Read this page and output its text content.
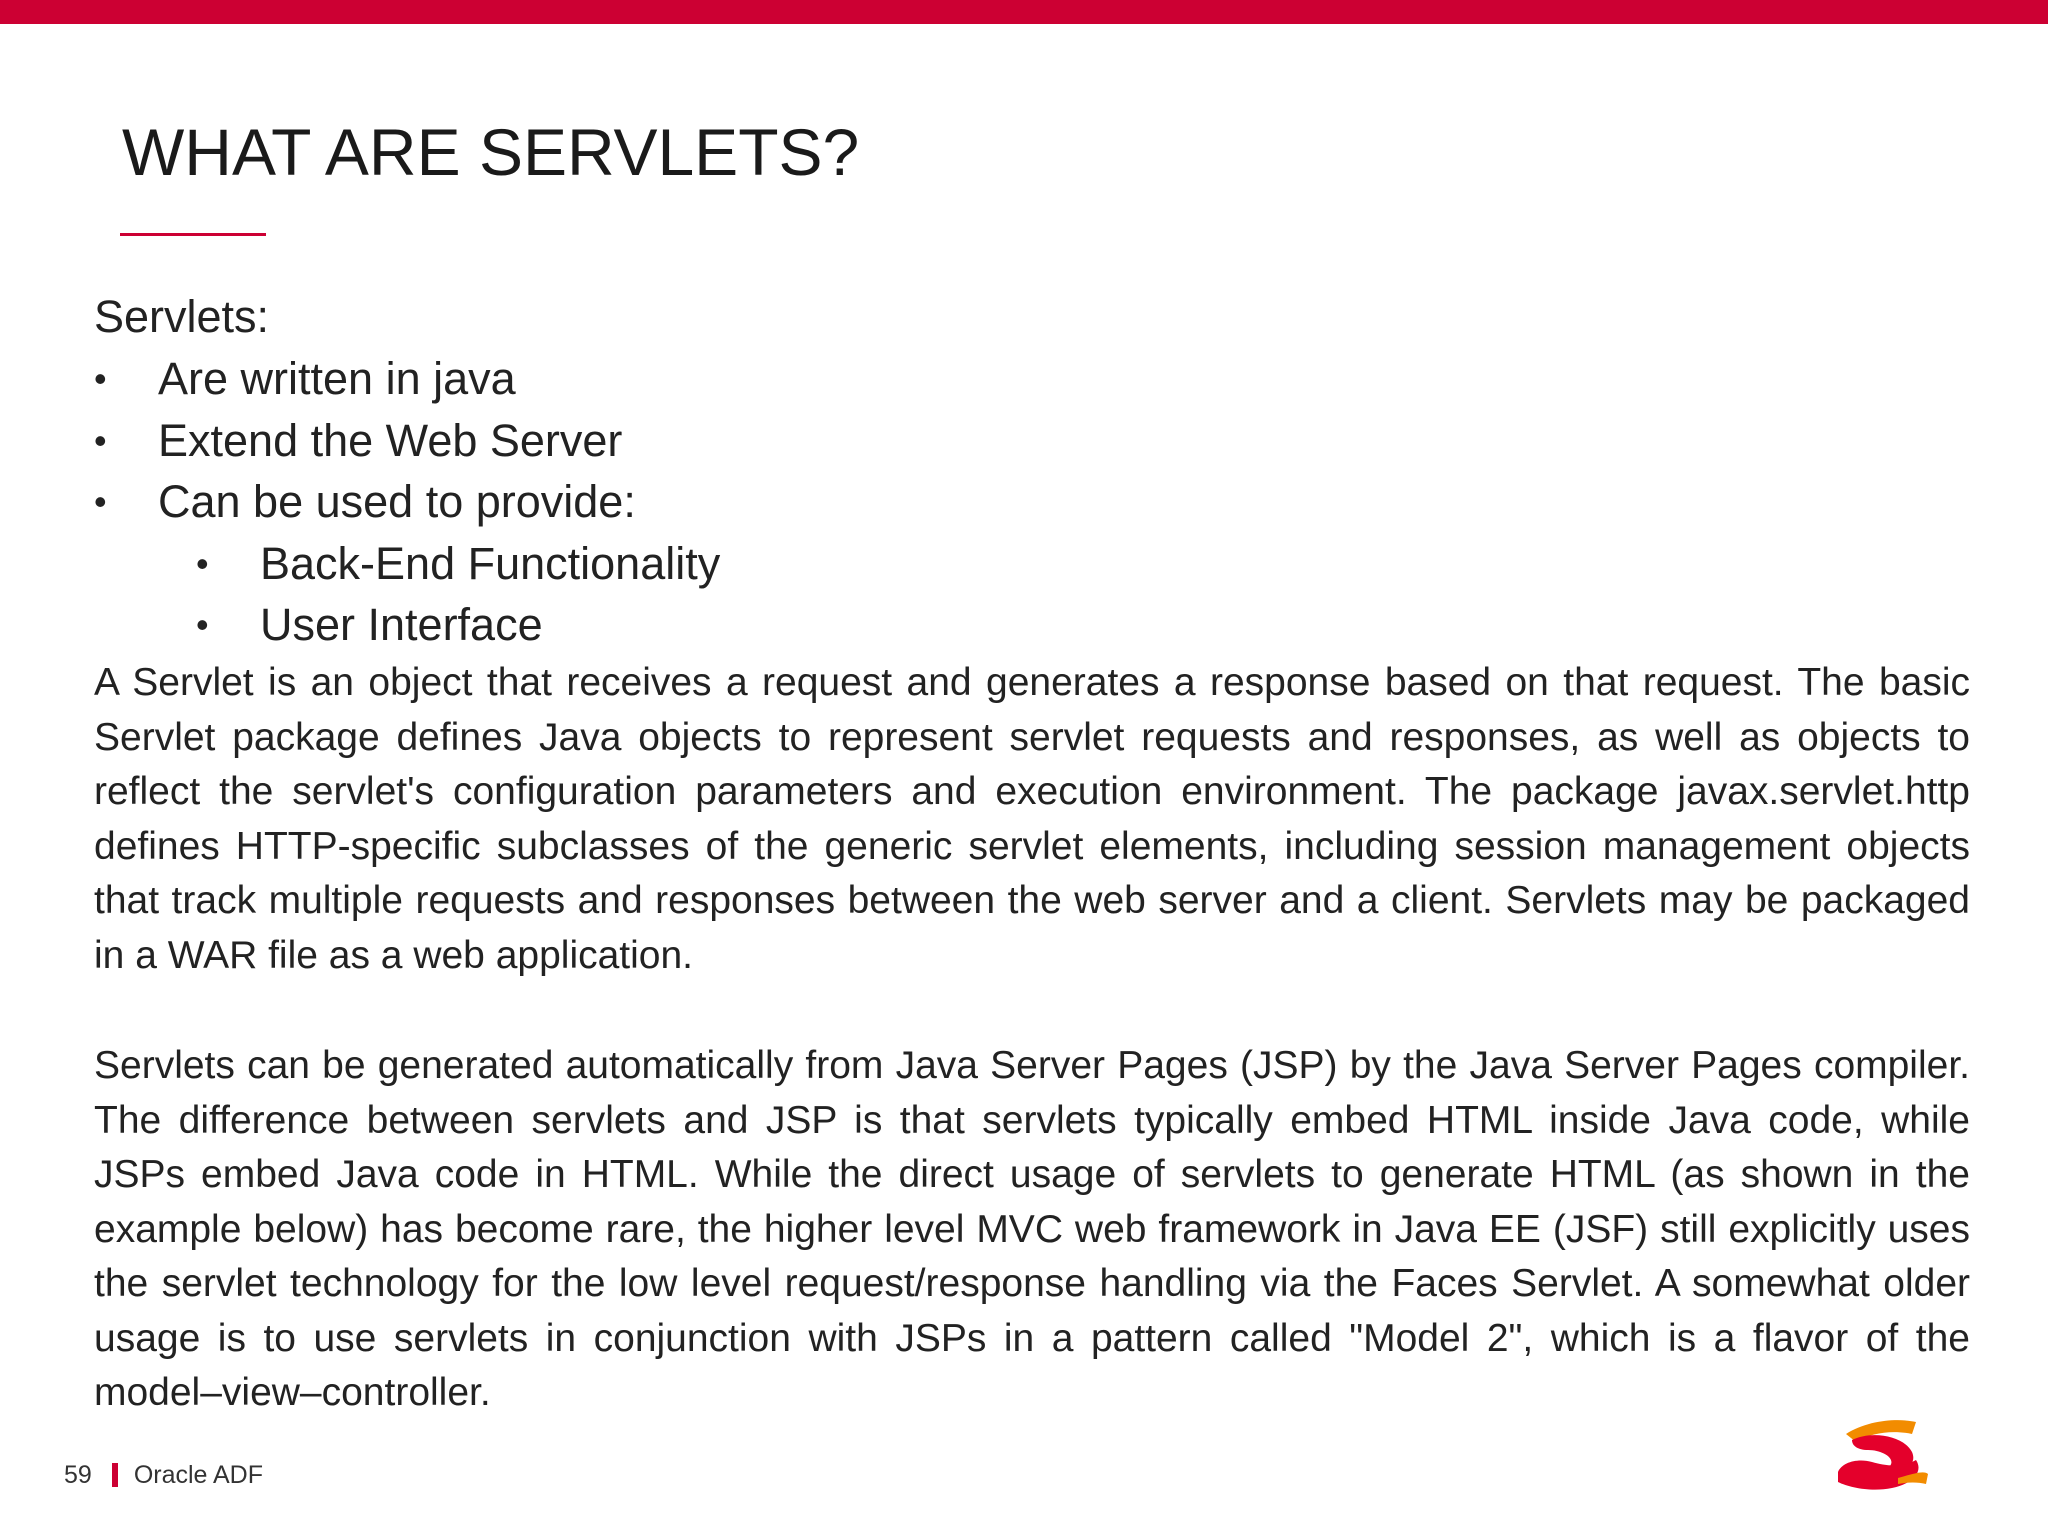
WHAT ARE SERVLETS?

Servlets:

• Are written in java
• Extend the Web Server
• Can be used to provide:
• Back-End Functionality
• User Interface

A Servlet is an object that receives a request and generates a response based on that request. The basic Servlet package defines Java objects to represent servlet requests and responses, as well as objects to reflect the servlet's configuration parameters and execution environment. The package javax.servlet.http defines HTTP-specific subclasses of the generic servlet elements, including session management objects that track multiple requests and responses between the web server and a client. Servlets may be packaged in a WAR file as a web application.

Servlets can be generated automatically from Java Server Pages (JSP) by the Java Server Pages compiler. The difference between servlets and JSP is that servlets typically embed HTML inside Java code, while JSPs embed Java code in HTML. While the direct usage of servlets to generate HTML (as shown in the example below) has become rare, the higher level MVC web framework in Java EE (JSF) still explicitly uses the servlet technology for the low level request/response handling via the Faces Servlet. A somewhat older usage is to use servlets in conjunction with JSPs in a pattern called "Model 2", which is a flavor of the model–view–controller.

59 Oracle ADF
